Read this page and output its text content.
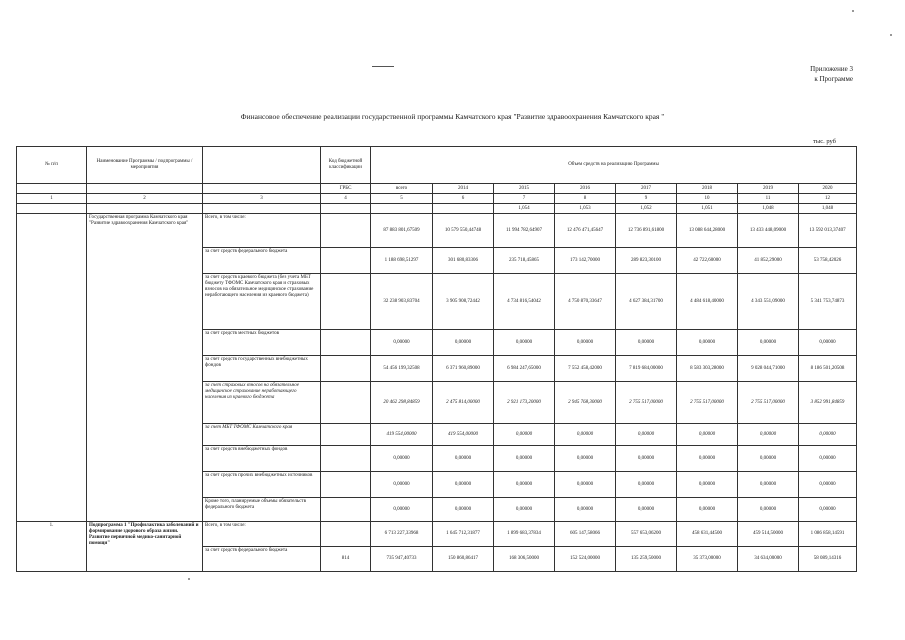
Приложение 3
к Программе
Финансовое обеспечение реализации государственной программы Камчатского края "Развитие здравоохранения Камчатского края "
тыс. руб
№ п/п	Наименование Программы / подпрограммы / мероприятия		Код бюджетной классификации	Объем средств на реализацию Программы							
			ГРБС	всего	2014	2015	2016	2017	2018	2019	2020
1	2	3	4	5	6	7	8	9	10	11	12
						1,054	1,053	1,052	1,051	1,048	1,048
	Государственная программа Камчатского края "Развитие здравоохранения Камчатского края"	Всего, в том числе:		87 883 801,67509	10 579 550,44748	11 994 782,64907	12 476 471,45647	12 736 891,61800	13 088 644,28000	13 433 448,09000	13 592 013,37407
		за счет средств федерального бюджета		1 188 698,51297	301 680,83306	235 718,45865	173 142,70000	289 823,30100	42 722,60000	41 852,29000	53 758,42026
		за счет средств краевого бюджета (без учета МБТ бюджету ТФОМС Камчатского края и страховых взносов на обязательное медицинское страхование неработающего населения из краевого бюджета)		32 238 903,83704	3 905 908,72442	4 734 816,54042	4 750 870,33647	4 627 384,31700	4 484 618,40000	4 343 551,09000	5 341 753,74873
		за счет средств местных бюджетов		0,00000	0,00000	0,00000	0,00000	0,00000	0,00000	0,00000	0,00000
		за счет средств государственных внебюджетных фондов		54 456 199,32508	6 371 960,89000	6 984 247,65000	7 552 458,42000	7 819 684,00000	8 583 303,28000	9 028 044,71000	8 186 501,20508
		за счет страховых взносов на обязательное медицинское страхование неработающего населения из краевого бюджета		20 462 298,84859	2 475 814,00000	2 921 173,20000	2 945 768,30000	2 755 517,00000	2 755 517,00000	2 755 517,00000	3 852 991,84859
		за счет МБТ ТФОМС Камчатского края		419 554,00000	419 554,00000	0,00000	0,00000	0,00000	0,00000	0,00000	0,00000
		за счет средств внебюджетных фондов		0,00000	0,00000	0,00000	0,00000	0,00000	0,00000	0,00000	0,00000
		за счет средств прочих внебюджетных источников		0,00000	0,00000	0,00000	0,00000	0,00000	0,00000	0,00000	0,00000
		Кроме того, планируемые объемы обязательств федерального бюджета		0,00000	0,00000	0,00000	0,00000	0,00000	0,00000	0,00000	0,00000
1.	Подпрограмма 1 "Профилактика заболеваний и формирование здорового образа жизни. Развитие первичной медико-санитарной помощи"	Всего, в том числе:		6 713 227,33968	1 645 712,31877	1 899 683,37834	605 147,58066	557 653,06200	458 631,44500	459 514,50000	1 086 858,14591
		за счет средств федерального бюджета	814	735 947,40733	150 860,86417	168 306,50000	152 524,00000	135 259,50000	35 373,00000	34 634,00000	58 089,14316
